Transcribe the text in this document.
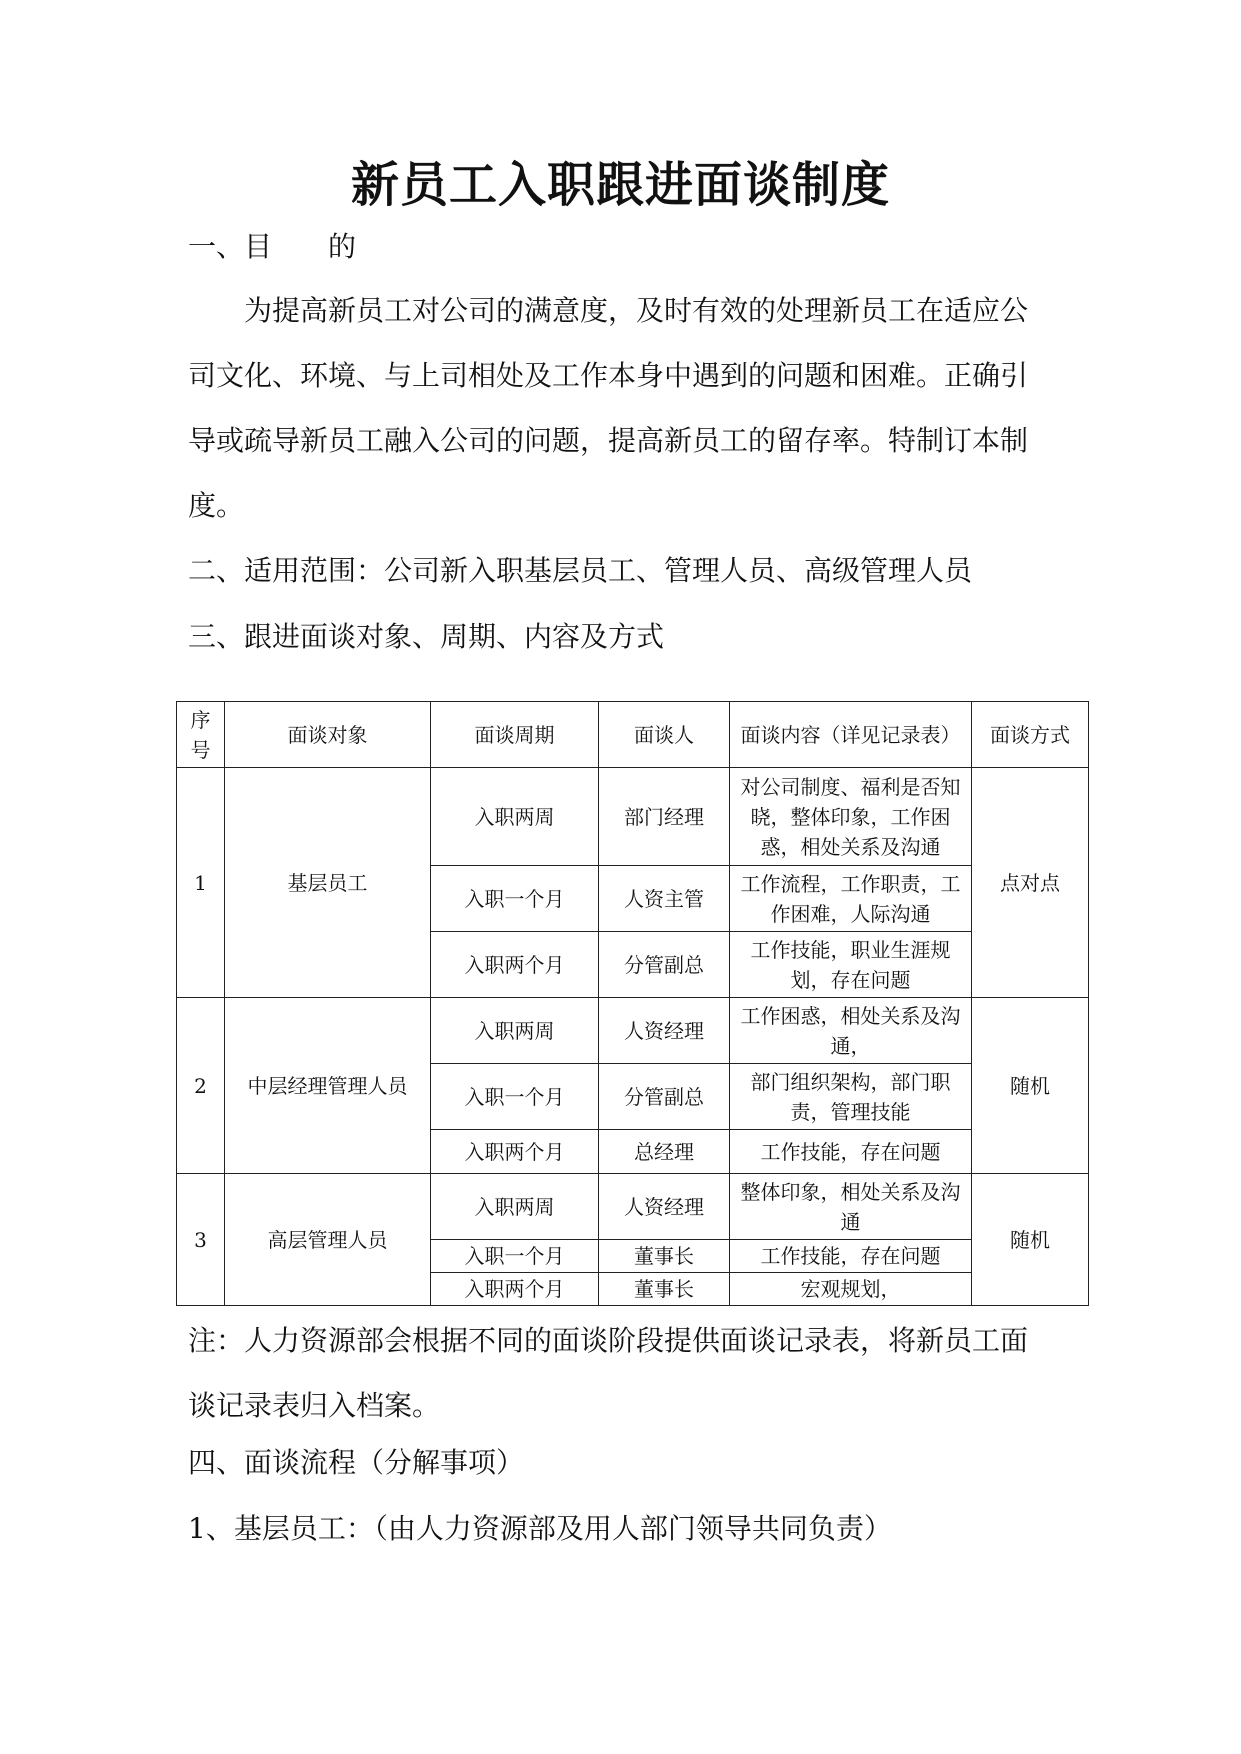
新员工入职跟进面谈制度
一、目 的
为提高新员工对公司的满意度，及时有效的处理新员工在适应公
司文化、环境、与上司相处及工作本身中遇到的问题和困难。正确引
导或疏导新员工融入公司的问题，提高新员工的留存率。特制订本制
度。
二、适用范围：公司新入职基层员工、管理人员、高级管理人员
三、跟进面谈对象、周期、内容及方式
序
号	面谈对象	面谈周期	面谈人	面谈内容（详见记录表）	面谈方式
1	基层员工	入职两周	部门经理	对公司制度、福利是否知晓，整体印象，工作困惑，相处关系及沟通	点对点
		入职一个月	人资主管	工作流程，工作职责，工作困难，人际沟通	
		入职两个月	分管副总	工作技能，职业生涯规划，存在问题	
2	中层经理管理人员	入职两周	人资经理	工作困惑，相处关系及沟通，	随机
		入职一个月	分管副总	部门组织架构，部门职责，管理技能	
		入职两个月	总经理	工作技能，存在问题	
3	高层管理人员	入职两周	人资经理	整体印象，相处关系及沟通	随机
		入职一个月	董事长	工作技能，存在问题	
		入职两个月	董事长	宏观规划，	
注：人力资源部会根据不同的面谈阶段提供面谈记录表，将新员工面
谈记录表归入档案。
四、面谈流程（分解事项）
1、基层员工：（由人力资源部及用人部门领导共同负责）
